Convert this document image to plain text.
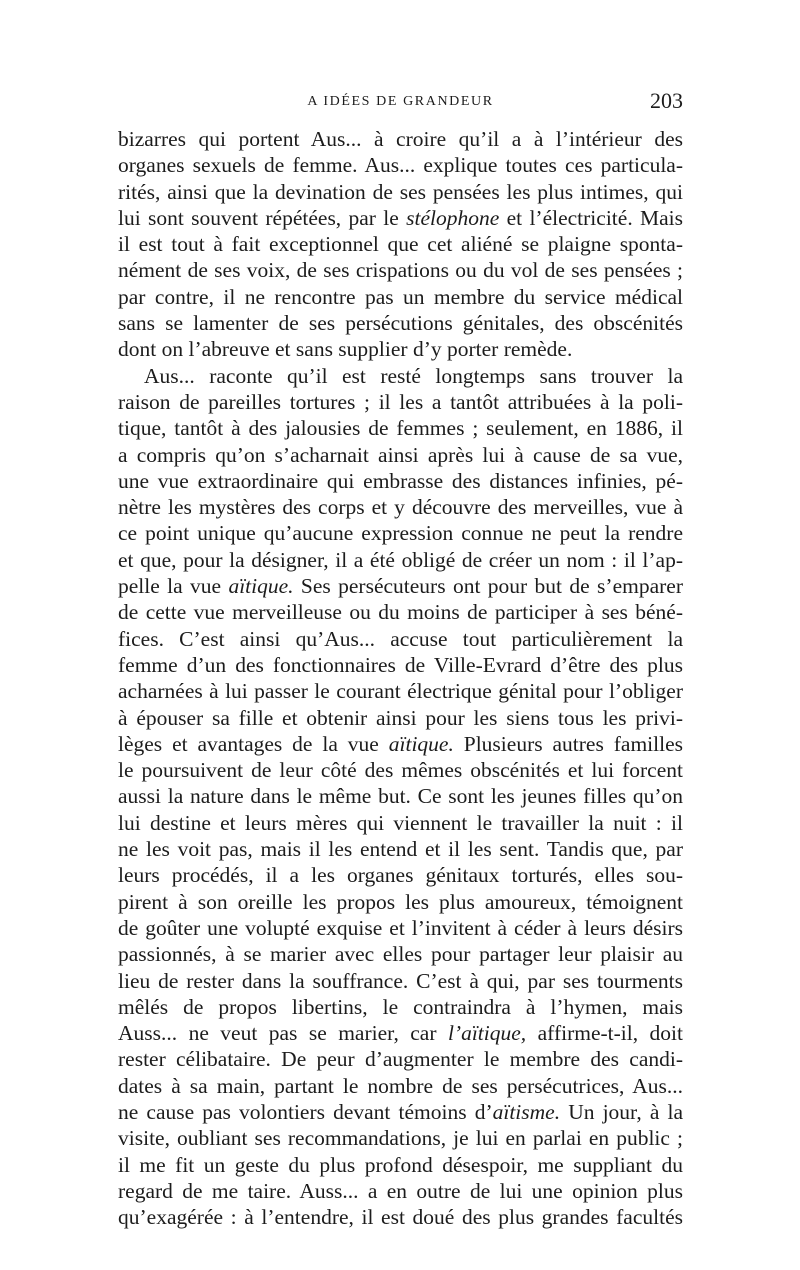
A IDÉES DE GRANDEUR	203
bizarres qui portent Aus... à croire qu’il a à l’intérieur des
organes sexuels de femme. Aus... explique toutes ces particula-
rités, ainsi que la devination de ses pensées les plus intimes, qui
lui sont souvent répétées, par le stélophone et l’électricité. Mais
il est tout à fait exceptionnel que cet aliéné se plaigne sponta-
nément de ses voix, de ses crispations ou du vol de ses pensées ;
par contre, il ne rencontre pas un membre du service médical
sans se lamenter de ses persécutions génitales, des obscénités
dont on l’abreuve et sans supplier d’y porter remède.
Aus... raconte qu’il est resté longtemps sans trouver la
raison de pareilles tortures ; il les a tantôt attribuées à la poli-
tique, tantôt à des jalousies de femmes ; seulement, en 1886, il
a compris qu’on s’acharnait ainsi après lui à cause de sa vue,
une vue extraordinaire qui embrasse des distances infinies, pé-
nètre les mystères des corps et y découvre des merveilles, vue à
ce point unique qu’aucune expression connue ne peut la rendre
et que, pour la désigner, il a été obligé de créer un nom : il l’ap-
pelle la vue aïtique. Ses persécuteurs ont pour but de s’emparer
de cette vue merveilleuse ou du moins de participer à ses béné-
fices. C’est ainsi qu’Aus... accuse tout particulièrement la
femme d’un des fonctionnaires de Ville-Evrard d’être des plus
acharnées à lui passer le courant électrique génital pour l’obliger
à épouser sa fille et obtenir ainsi pour les siens tous les privi-
lèges et avantages de la vue aïtique. Plusieurs autres familles
le poursuivent de leur côté des mêmes obscénités et lui forcent
aussi la nature dans le même but. Ce sont les jeunes filles qu’on
lui destine et leurs mères qui viennent le travailler la nuit : il
ne les voit pas, mais il les entend et il les sent. Tandis que, par
leurs procédés, il a les organes génitaux torturés, elles sou-
pirent à son oreille les propos les plus amoureux, témoignent
de goûter une volupté exquise et l’invitent à céder à leurs désirs
passionnés, à se marier avec elles pour partager leur plaisir au
lieu de rester dans la souffrance. C’est à qui, par ses tourments
mêlés de propos libertins, le contraindra à l’hymen, mais
Auss... ne veut pas se marier, car l’aïtique, affirme-t-il, doit
rester célibataire. De peur d’augmenter le membre des candi-
dates à sa main, partant le nombre de ses persécutrices, Aus...
ne cause pas volontiers devant témoins d’aïtisme. Un jour, à la
visite, oubliant ses recommandations, je lui en parlai en public ;
il me fit un geste du plus profond désespoir, me suppliant du
regard de me taire. Auss... a en outre de lui une opinion plus
qu’exagérée : à l’entendre, il est doué des plus grandes facultés
